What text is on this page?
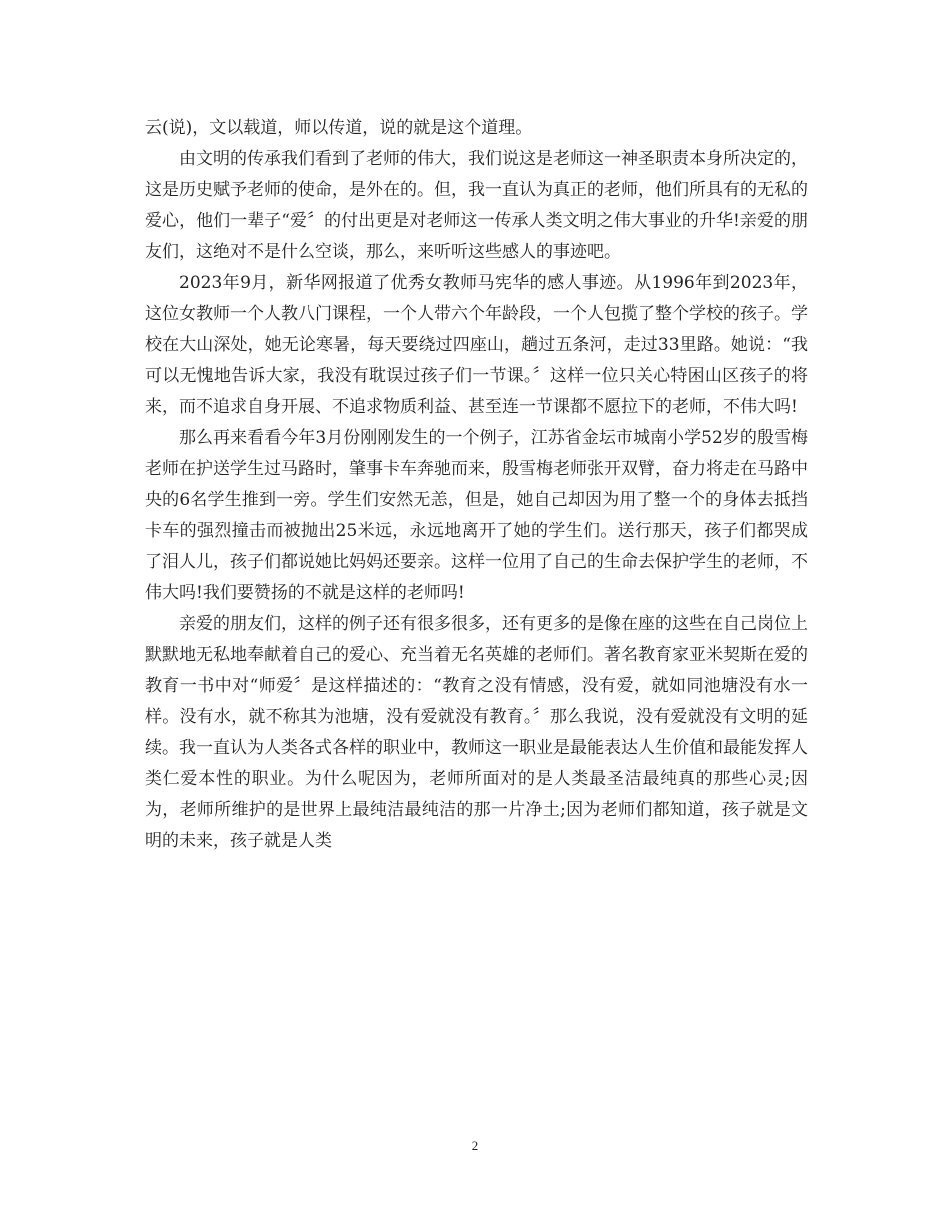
云(说)，文以载道，师以传道，说的就是这个道理。

由文明的传承我们看到了老师的伟大，我们说这是老师这一神圣职责本身所决定的，这是历史赋予老师的使命，是外在的。但，我一直认为真正的老师，他们所具有的无私的爱心，他们一辈子“爱〞的付出更是对老师这一传承人类文明之伟大事业的升华!亲爱的朋友们，这绝对不是什么空谈，那么，来听听这些感人的事迹吧。

2023年9月，新华网报道了优秀女教师马宪华的感人事迹。从1996年到2023年，这位女教师一个人教八门课程，一个人带六个年龄段，一个人包揽了整个学校的孩子。学校在大山深处，她无论寒暑，每天要绕过四座山，趟过五条河，走过33里路。她说：“我可以无愧地告诉大家，我没有耽误过孩子们一节课。〞这样一位只关心特困山区孩子的将来，而不追求自身开展、不追求物质利益、甚至连一节课都不愿拉下的老师，不伟大吗!

那么再来看看今年3月份刚刚发生的一个例子，江苏省金坛市城南小学52岁的殷雪梅老师在护送学生过马路时，肇事卡车奔驰而来，殷雪梅老师张开双臂，奋力将走在马路中央的6名学生推到一旁。学生们安然无恙，但是，她自己却因为用了整一个的身体去抵挡卡车的强烈撞击而被抛出25米远，永远地离开了她的学生们。送行那天，孩子们都哭成了泪人儿，孩子们都说她比妈妈还要亲。这样一位用了自己的生命去保护学生的老师，不伟大吗!我们要赞扬的不就是这样的老师吗!

亲爱的朋友们，这样的例子还有很多很多，还有更多的是像在座的这些在自己岗位上默默地无私地奉献着自己的爱心、充当着无名英雄的老师们。著名教育家亚米契斯在爱的教育一书中对“师爱〞是这样描述的：“教育之没有情感，没有爱，就如同池塘没有水一样。没有水，就不称其为池塘，没有爱就没有教育。〞那么我说，没有爱就没有文明的延续。我一直认为人类各式各样的职业中，教师这一职业是最能表达人生价值和最能发挥人类仁爱本性的职业。为什么呢因为，老师所面对的是人类最圣洁最纯真的那些心灵;因为，老师所维护的是世界上最纯洁最纯洁的那一片净土;因为老师们都知道，孩子就是文明的未来，孩子就是人类

2
